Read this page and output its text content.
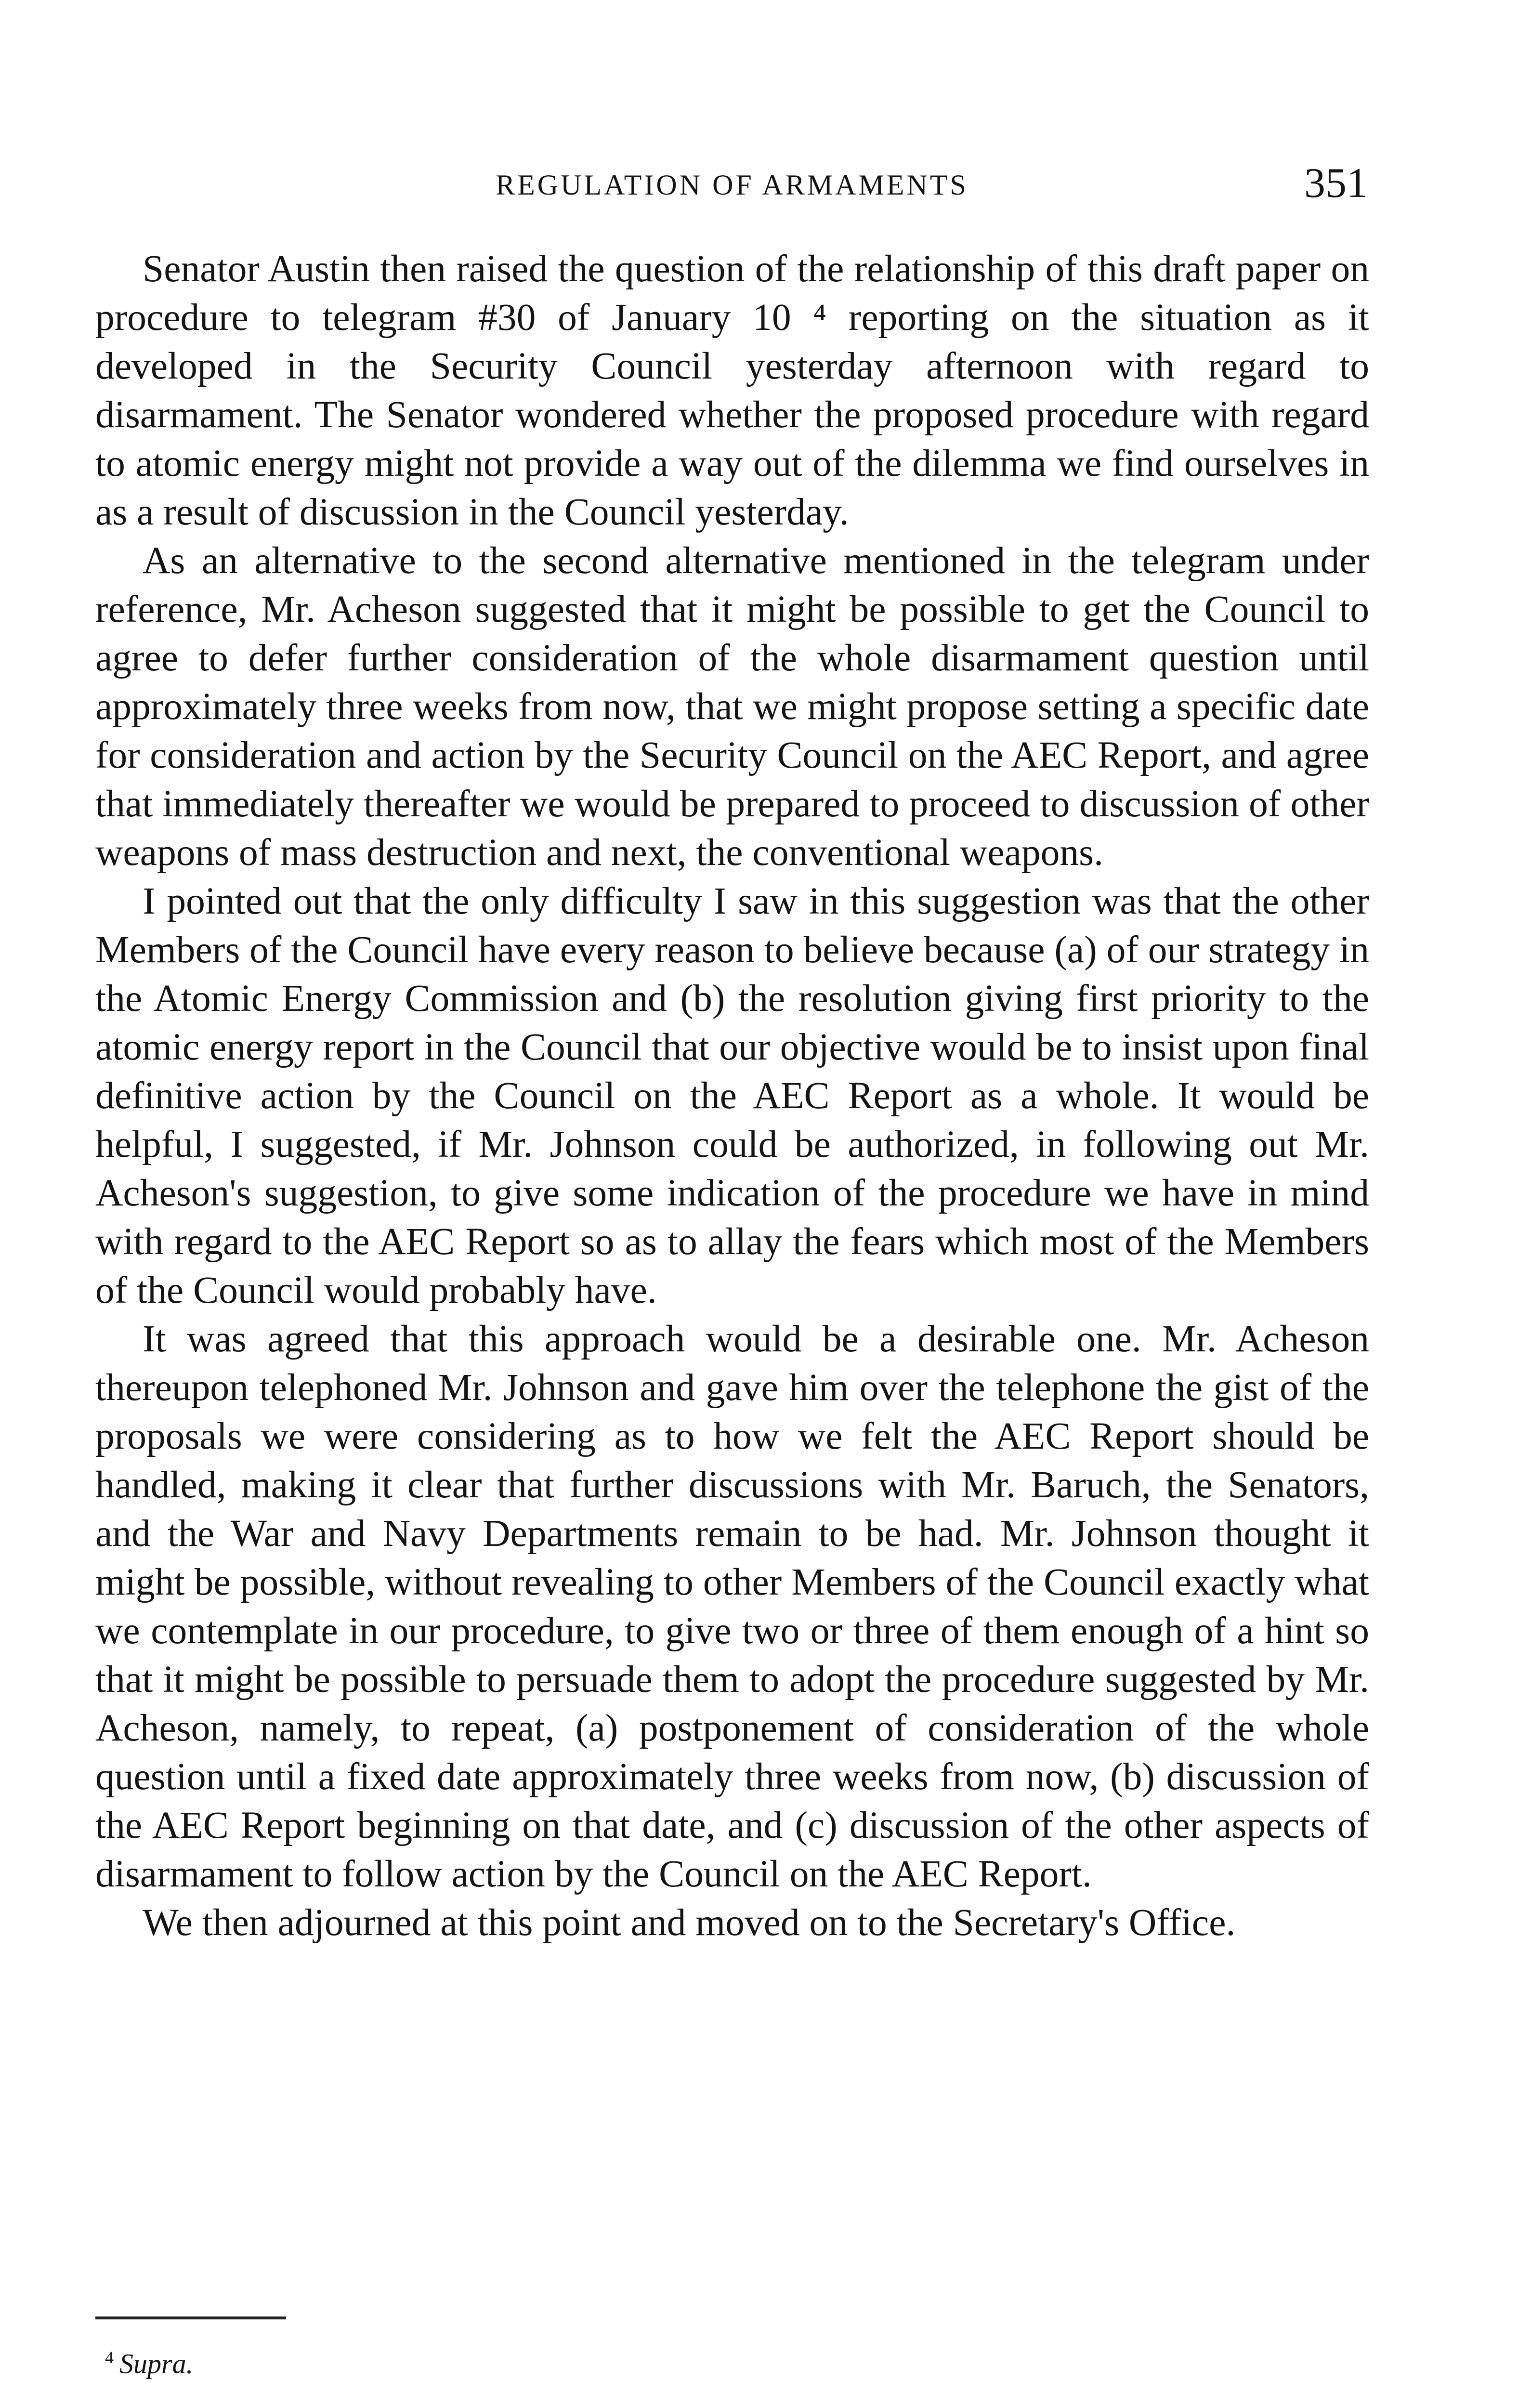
REGULATION OF ARMAMENTS	351

Senator Austin then raised the question of the relationship of this draft paper on procedure to telegram #30 of January 10 ⁴ reporting on the situation as it developed in the Security Council yesterday afternoon with regard to disarmament. The Senator wondered whether the proposed procedure with regard to atomic energy might not provide a way out of the dilemma we find ourselves in as a result of discussion in the Council yesterday.

As an alternative to the second alternative mentioned in the telegram under reference, Mr. Acheson suggested that it might be possible to get the Council to agree to defer further consideration of the whole disarmament question until approximately three weeks from now, that we might propose setting a specific date for consideration and action by the Security Council on the AEC Report, and agree that immediately thereafter we would be prepared to proceed to discussion of other weapons of mass destruction and next, the conventional weapons.

I pointed out that the only difficulty I saw in this suggestion was that the other Members of the Council have every reason to believe because (a) of our strategy in the Atomic Energy Commission and (b) the resolution giving first priority to the atomic energy report in the Council that our objective would be to insist upon final definitive action by the Council on the AEC Report as a whole. It would be helpful, I suggested, if Mr. Johnson could be authorized, in following out Mr. Acheson's suggestion, to give some indication of the procedure we have in mind with regard to the AEC Report so as to allay the fears which most of the Members of the Council would probably have.

It was agreed that this approach would be a desirable one. Mr. Acheson thereupon telephoned Mr. Johnson and gave him over the telephone the gist of the proposals we were considering as to how we felt the AEC Report should be handled, making it clear that further discussions with Mr. Baruch, the Senators, and the War and Navy Departments remain to be had. Mr. Johnson thought it might be possible, without revealing to other Members of the Council exactly what we contemplate in our procedure, to give two or three of them enough of a hint so that it might be possible to persuade them to adopt the procedure suggested by Mr. Acheson, namely, to repeat, (a) postponement of consideration of the whole question until a fixed date approximately three weeks from now, (b) discussion of the AEC Report beginning on that date, and (c) discussion of the other aspects of disarmament to follow action by the Council on the AEC Report.

We then adjourned at this point and moved on to the Secretary's Office.

$^4$ Supra.
